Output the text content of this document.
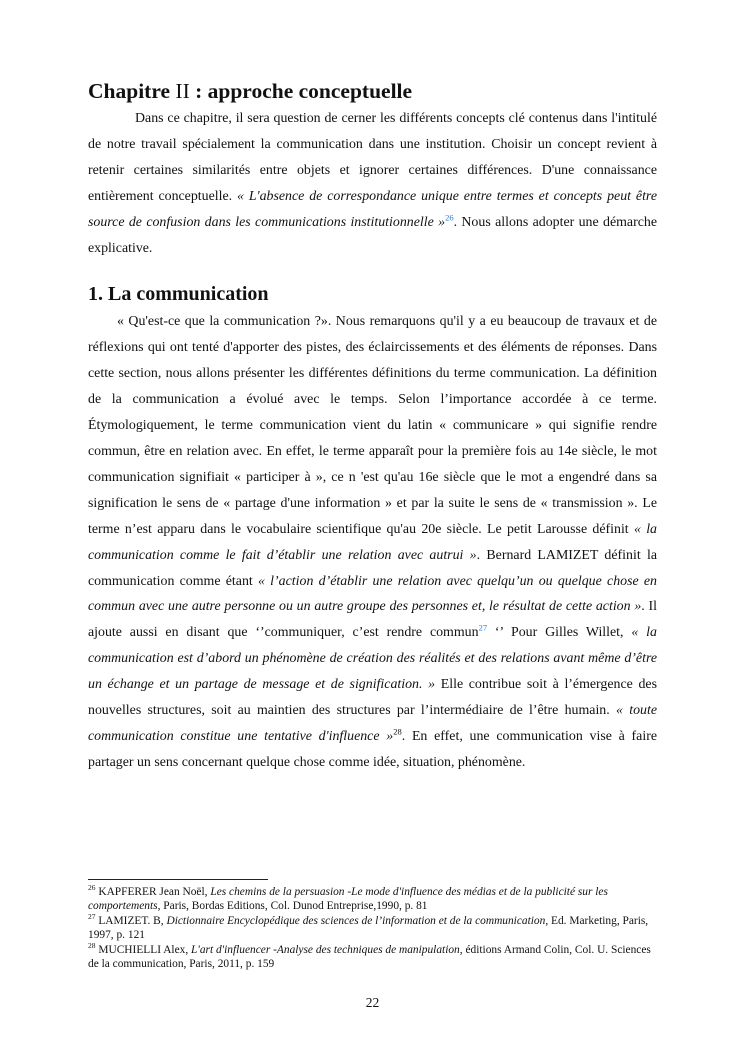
Chapitre II : approche conceptuelle

Dans ce chapitre, il sera question de cerner les différents concepts clé contenus dans l'intitulé de notre travail spécialement la communication dans une institution. Choisir un concept revient à retenir certaines similarités entre objets et ignorer certaines différences. D'une connaissance entièrement conceptuelle. « L'absence de correspondance unique entre termes et concepts peut être source de confusion dans les communications institutionnelle »$^{26}$. Nous allons adopter une démarche explicative.

1. La communication

« Qu'est-ce que la communication ?». Nous remarquons qu'il y a eu beaucoup de travaux et de réflexions qui ont tenté d'apporter des pistes, des éclaircissements et des éléments de réponses. Dans cette section, nous allons présenter les différentes définitions du terme communication. La définition de la communication a évolué avec le temps. Selon l’importance accordée à ce terme. Étymologiquement, le terme communication vient du latin « communicare » qui signifie rendre commun, être en relation avec. En effet, le terme apparaît pour la première fois au 14e siècle, le mot communication signifiait « participer à », ce n 'est qu'au 16e siècle que le mot a engendré dans sa signification le sens de « partage d'une information » et par la suite le sens de « transmission ». Le terme n’est apparu dans le vocabulaire scientifique qu'au 20e siècle. Le petit Larousse définit « la communication comme le fait d’établir une relation avec autrui ». Bernard LAMIZET définit la communication comme étant « l’action d’établir une relation avec quelqu’un ou quelque chose en commun avec une autre personne ou un autre groupe des personnes et, le résultat de cette action ». Il ajoute aussi en disant que ‘’communiquer, c’est rendre commun$^{27}$ ‘’ Pour Gilles Willet, « la communication est d’abord un phénomène de création des réalités et des relations avant même d’être un échange et un partage de message et de signification. » Elle contribue soit à l’émergence des nouvelles structures, soit au maintien des structures par l’intermédiaire de l’être humain. « toute communication constitue une tentative d'influence »$^{28}$. En effet, une communication vise à faire partager un sens concernant quelque chose comme idée, situation, phénomène.

$^{26}$ KAPFERER Jean Noël, Les chemins de la persuasion -Le mode d'influence des médias et de la publicité sur les comportements, Paris, Bordas Editions, Col. Dunod Entreprise,1990, p. 81

$^{27}$ LAMIZET. B, Dictionnaire Encyclopédique des sciences de l’information et de la communication, Ed. Marketing, Paris, 1997, p. 121

$^{28}$ MUCHIELLI Alex, L'art d'influencer -Analyse des techniques de manipulation, éditions Armand Colin, Col. U. Sciences de la communication, Paris, 2011, p. 159

22
